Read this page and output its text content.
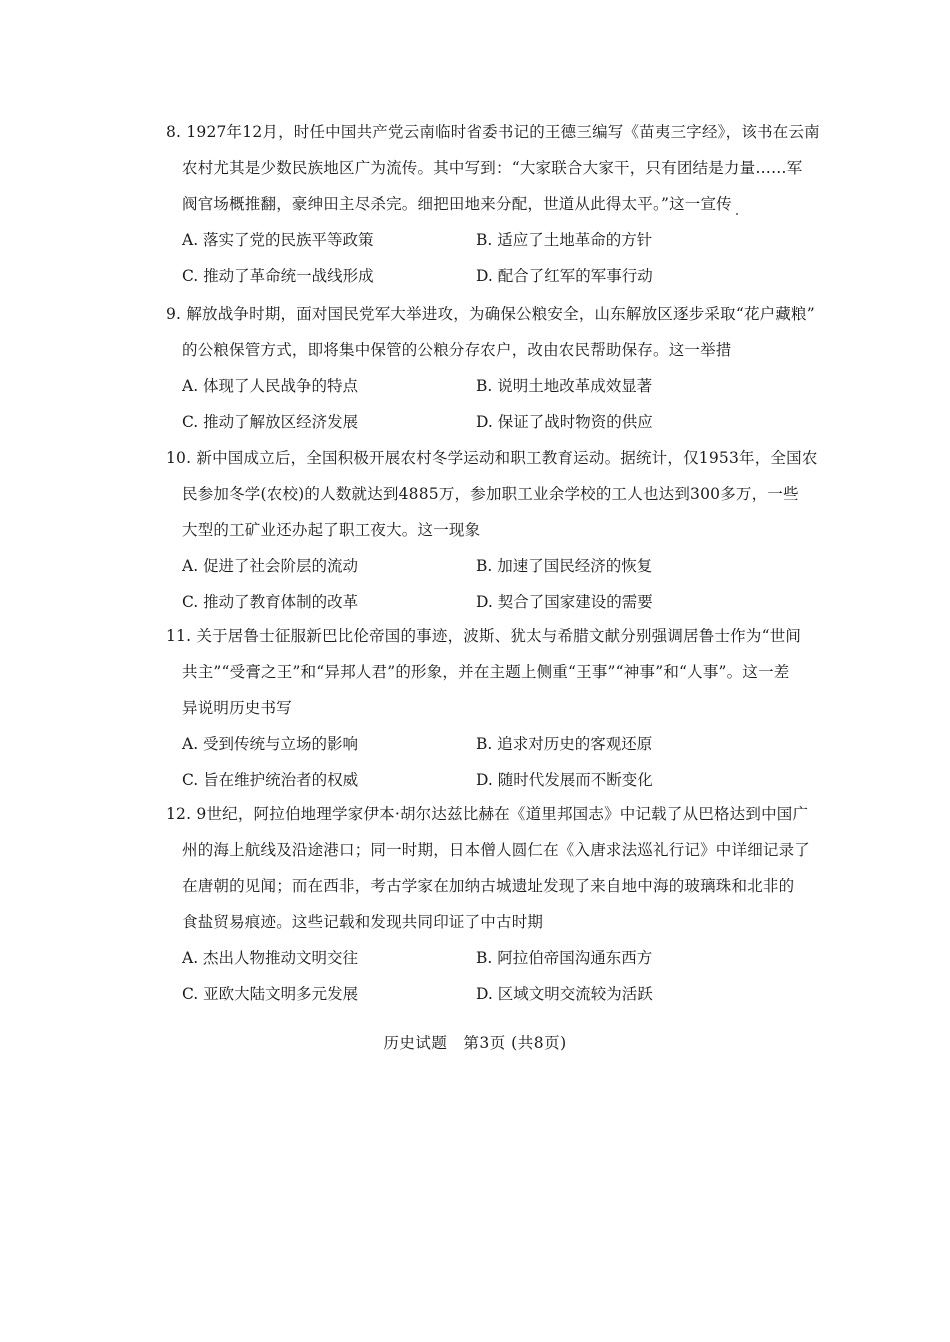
8. 1927年12月，时任中国共产党云南临时省委书记的王德三编写《苗夷三字经》，该书在云南
农村尤其是少数民族地区广为流传。其中写到：“大家联合大家干，只有团结是力量……军
阀官场概推翻，豪绅田主尽杀完。细把田地来分配，世道从此得太平。”这一宣传
A. 落实了党的民族平等政策	B. 适应了土地革命的方针
C. 推动了革命统一战线形成	D. 配合了红军的军事行动
9. 解放战争时期，面对国民党军大举进攻，为确保公粮安全，山东解放区逐步采取“花户藏粮”
的公粮保管方式，即将集中保管的公粮分存农户，改由农民帮助保存。这一举措
A. 体现了人民战争的特点	B. 说明土地改革成效显著
C. 推动了解放区经济发展	D. 保证了战时物资的供应
10. 新中国成立后，全国积极开展农村冬学运动和职工教育运动。据统计，仅1953年，全国农
民参加冬学(农校)的人数就达到4885万，参加职工业余学校的工人也达到300多万，一些
大型的工矿业还办起了职工夜大。这一现象
A. 促进了社会阶层的流动	B. 加速了国民经济的恢复
C. 推动了教育体制的改革	D. 契合了国家建设的需要
11. 关于居鲁士征服新巴比伦帝国的事迹，波斯、犹太与希腊文献分别强调居鲁士作为“世间
共主”“受膏之王”和“异邦人君”的形象，并在主题上侧重“王事”“神事”和“人事”。这一差
异说明历史书写
A. 受到传统与立场的影响	B. 追求对历史的客观还原
C. 旨在维护统治者的权威	D. 随时代发展而不断变化
12. 9世纪，阿拉伯地理学家伊本·胡尔达兹比赫在《道里邦国志》中记载了从巴格达到中国广
州的海上航线及沿途港口；同一时期，日本僧人圆仁在《入唐求法巡礼行记》中详细记录了
在唐朝的见闻；而在西非，考古学家在加纳古城遗址发现了来自地中海的玻璃珠和北非的
食盐贸易痕迹。这些记载和发现共同印证了中古时期
A. 杰出人物推动文明交往	B. 阿拉伯帝国沟通东西方
C. 亚欧大陆文明多元发展	D. 区域文明交流较为活跃
历史试题　第3页 (共8页)
